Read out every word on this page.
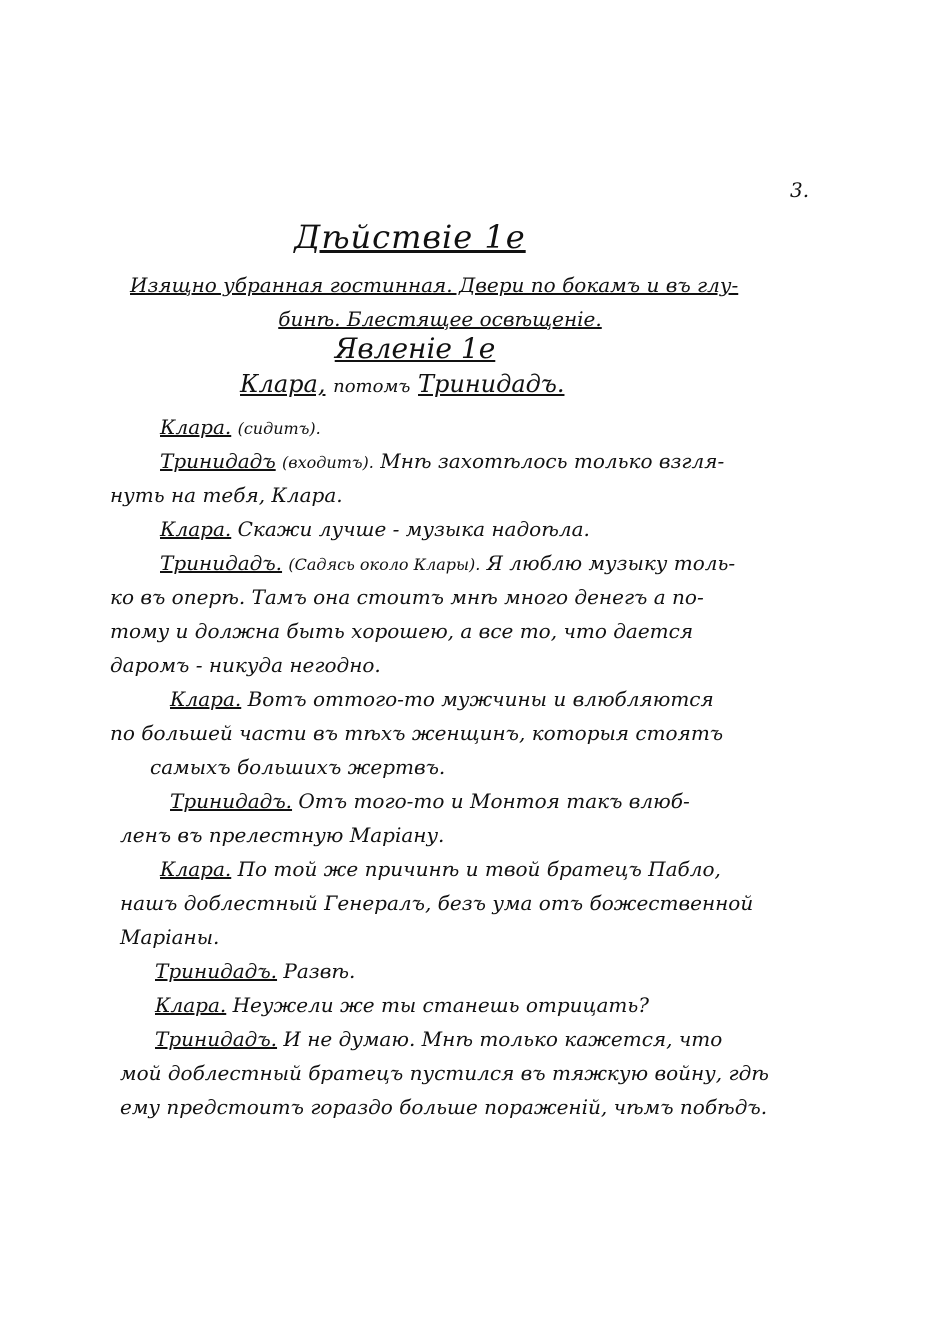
3.
Дѣйствіе 1е
Изящно убранная гостинная. Двери по бокамъ и въ глу-
бинѣ. Блестящее освѣщеніе.
Явленіе 1е
Клара, потомъ Тринидадъ.
Клара. (сидитъ).
Тринидадъ (входитъ). Мнѣ захотѣлось только взгля-
нуть на тебя, Клара.
Клара. Скажи лучше - музыка надоѣла.
Тринидадъ. (Садясь около Клары). Я люблю музыку толь-
ко въ оперѣ. Тамъ она стоитъ мнѣ много денегъ а по-
тому и должна быть хорошею, а все то, что дается
даромъ - никуда негодно.
Клара. Вотъ оттого-то мужчины и влюбляются
по большей части въ тѣхъ женщинъ, которыя стоятъ
самыхъ большихъ жертвъ.
Тринидадъ. Отъ того-то и Монтоя такъ влюб-
ленъ въ прелестную Маріану.
Клара. По той же причинѣ и твой братецъ Пабло,
нашъ доблестный Генералъ, безъ ума отъ божественной
Маріаны.
Тринидадъ. Развѣ.
Клара. Неужели же ты станешь отрицать?
Тринидадъ. И не думаю. Мнѣ только кажется, что
мой доблестный братецъ пустился въ тяжкую войну, гдѣ
ему предстоитъ гораздо больше пораженій, чѣмъ побѣдъ.
